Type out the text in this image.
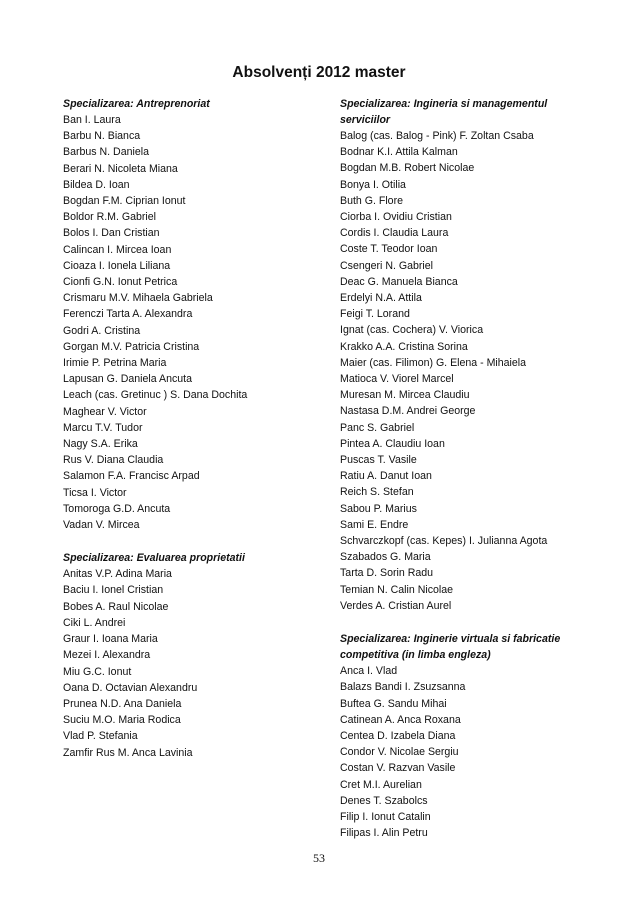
Absolvenți 2012 master
Specializarea: Antreprenoriat
Ban I. Laura
Barbu N. Bianca
Barbus N. Daniela
Berari N. Nicoleta Miana
Bildea D. Ioan
Bogdan F.M. Ciprian Ionut
Boldor R.M. Gabriel
Bolos I. Dan Cristian
Calincan I. Mircea Ioan
Cioaza I. Ionela Liliana
Cionfi G.N. Ionut Petrica
Crismaru M.V. Mihaela Gabriela
Ferenczi Tarta A. Alexandra
Godri A. Cristina
Gorgan M.V. Patricia Cristina
Irimie P. Petrina Maria
Lapusan G. Daniela Ancuta
Leach (cas. Gretinuc ) S. Dana Dochita
Maghear V. Victor
Marcu T.V. Tudor
Nagy S.A. Erika
Rus V. Diana Claudia
Salamon F.A. Francisc Arpad
Ticsa I. Victor
Tomoroga G.D. Ancuta
Vadan V. Mircea
Specializarea: Evaluarea proprietatii
Anitas V.P. Adina Maria
Baciu I. Ionel Cristian
Bobes A. Raul Nicolae
Ciki L. Andrei
Graur I. Ioana Maria
Mezei I. Alexandra
Miu G.C. Ionut
Oana D. Octavian Alexandru
Prunea N.D. Ana Daniela
Suciu M.O. Maria Rodica
Vlad P. Stefania
Zamfir Rus M. Anca Lavinia
Specializarea: Ingineria si managementul serviciilor
Balog (cas. Balog - Pink) F. Zoltan Csaba
Bodnar K.I. Attila Kalman
Bogdan M.B. Robert Nicolae
Bonya I. Otilia
Buth G. Flore
Ciorba I. Ovidiu Cristian
Cordis I. Claudia Laura
Coste T. Teodor Ioan
Csengeri N. Gabriel
Deac G. Manuela Bianca
Erdelyi N.A. Attila
Feigi T. Lorand
Ignat (cas. Cochera) V. Viorica
Krakko A.A. Cristina Sorina
Maier (cas. Filimon) G. Elena - Mihaiela
Matioca V. Viorel Marcel
Muresan M. Mircea Claudiu
Nastasa D.M. Andrei George
Panc S. Gabriel
Pintea A. Claudiu Ioan
Puscas T. Vasile
Ratiu A. Danut Ioan
Reich S. Stefan
Sabou P. Marius
Sami E. Endre
Schvarczkopf (cas. Kepes) I. Julianna Agota
Szabados G. Maria
Tarta D. Sorin Radu
Temian N. Calin Nicolae
Verdes A. Cristian Aurel
Specializarea: Inginerie virtuala si fabricatie competitiva (in limba engleza)
Anca I. Vlad
Balazs Bandi I. Zsuzsanna
Buftea G. Sandu Mihai
Catinean A. Anca Roxana
Centea D. Izabela Diana
Condor V. Nicolae Sergiu
Costan V. Razvan Vasile
Cret M.I. Aurelian
Denes T. Szabolcs
Filip I. Ionut Catalin
Filipas I. Alin Petru
53
